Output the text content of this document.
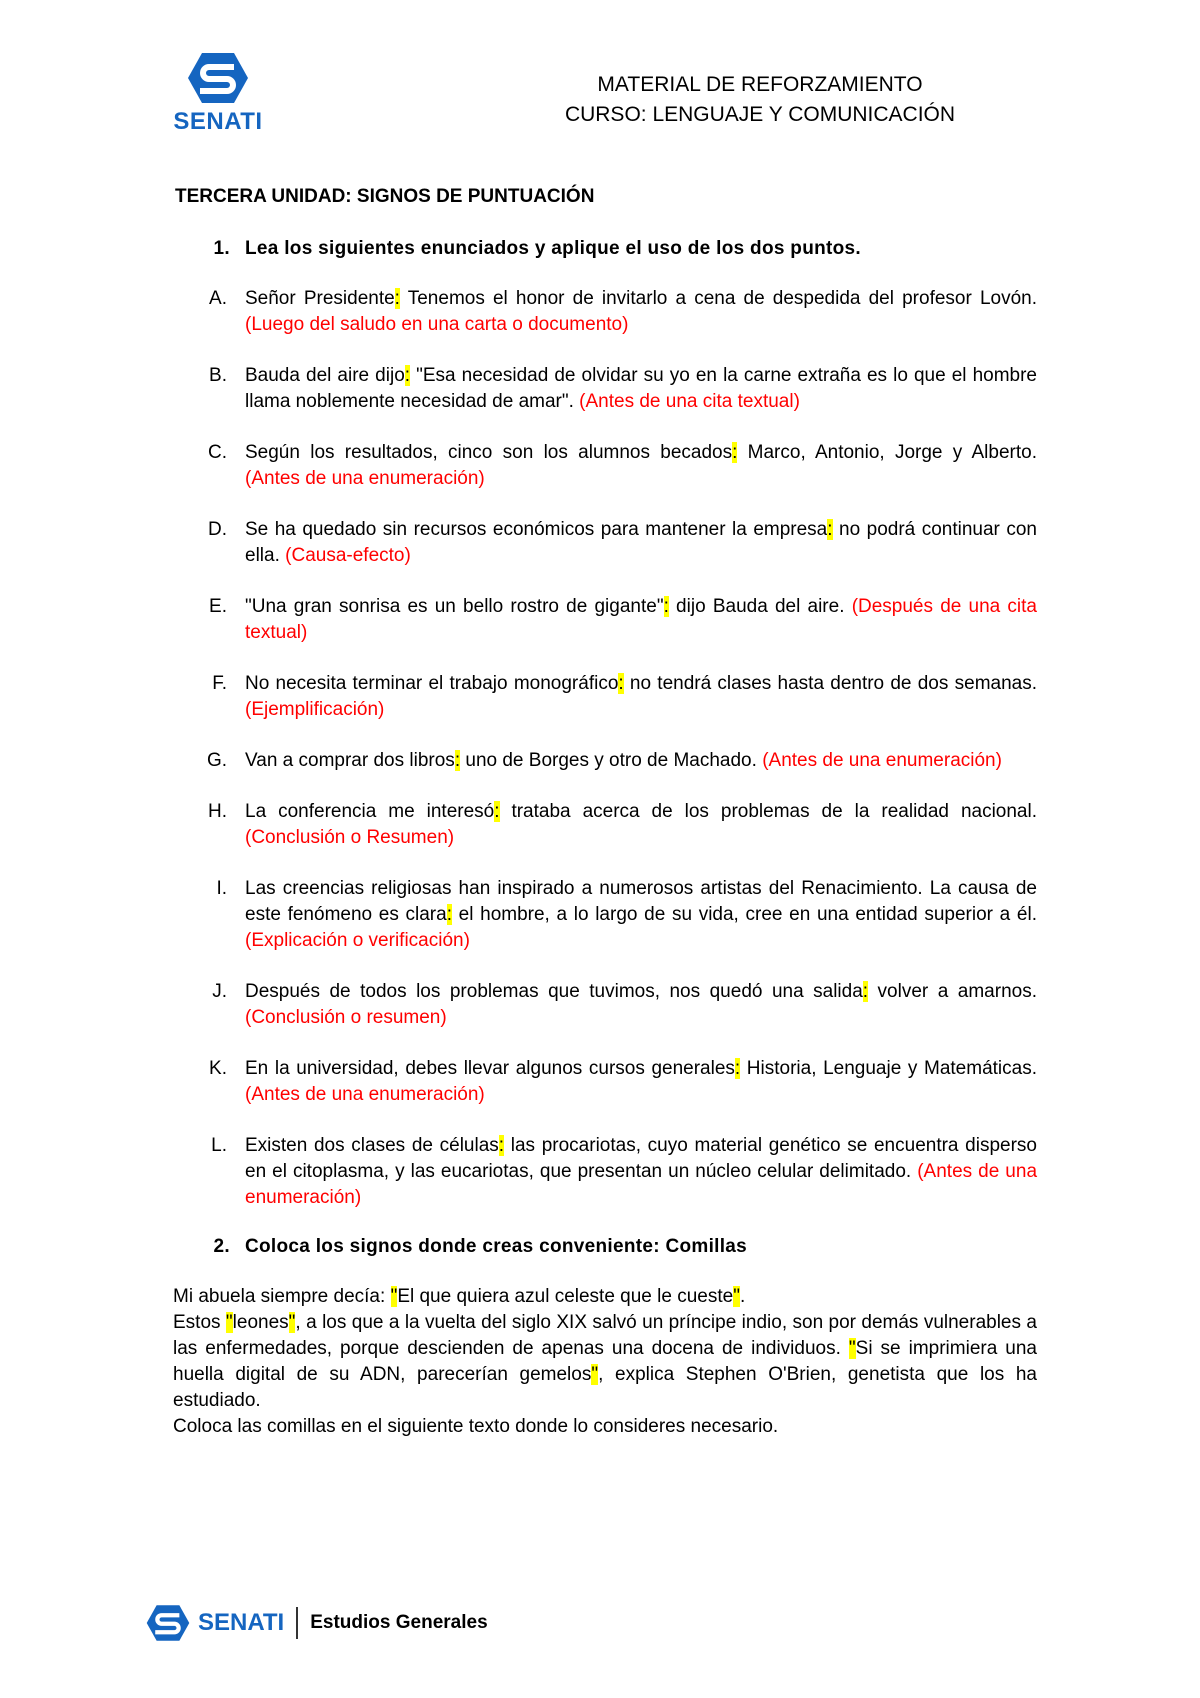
SENATI
MATERIAL DE REFORZAMIENTO
CURSO: LENGUAJE Y COMUNICACIÓN
TERCERA UNIDAD: SIGNOS DE PUNTUACIÓN
1. Lea los siguientes enunciados y aplique el uso de los dos puntos.
A. Señor Presidente: Tenemos el honor de invitarlo a cena de despedida del profesor Lovón. (Luego del saludo en una carta o documento)
B. Bauda del aire dijo: "Esa necesidad de olvidar su yo en la carne extraña es lo que el hombre llama noblemente necesidad de amar". (Antes de una cita textual)
C. Según los resultados, cinco son los alumnos becados: Marco, Antonio, Jorge y Alberto. (Antes de una enumeración)
D. Se ha quedado sin recursos económicos para mantener la empresa: no podrá continuar con ella. (Causa-efecto)
E. "Una gran sonrisa es un bello rostro de gigante": dijo Bauda del aire. (Después de una cita textual)
F. No necesita terminar el trabajo monográfico: no tendrá clases hasta dentro de dos semanas. (Ejemplificación)
G. Van a comprar dos libros: uno de Borges y otro de Machado. (Antes de una enumeración)
H. La conferencia me interesó: trataba acerca de los problemas de la realidad nacional. (Conclusión o Resumen)
I. Las creencias religiosas han inspirado a numerosos artistas del Renacimiento. La causa de este fenómeno es clara: el hombre, a lo largo de su vida, cree en una entidad superior a él. (Explicación o verificación)
J. Después de todos los problemas que tuvimos, nos quedó una salida: volver a amarnos. (Conclusión o resumen)
K. En la universidad, debes llevar algunos cursos generales: Historia, Lenguaje y Matemáticas. (Antes de una enumeración)
L. Existen dos clases de células: las procariotas, cuyo material genético se encuentra disperso en el citoplasma, y las eucariotas, que presentan un núcleo celular delimitado. (Antes de una enumeración)
2. Coloca los signos donde creas conveniente: Comillas

Mi abuela siempre decía: "El que quiera azul celeste que le cueste".

Estos "leones", a los que a la vuelta del siglo XIX salvó un príncipe indio, son por demás vulnerables a las enfermedades, porque descienden de apenas una docena de individuos. "Si se imprimiera una huella digital de su ADN, parecerían gemelos", explica Stephen O'Brien, genetista que los ha estudiado.

Coloca las comillas en el siguiente texto donde lo consideres necesario.

SENATI Estudios Generales
